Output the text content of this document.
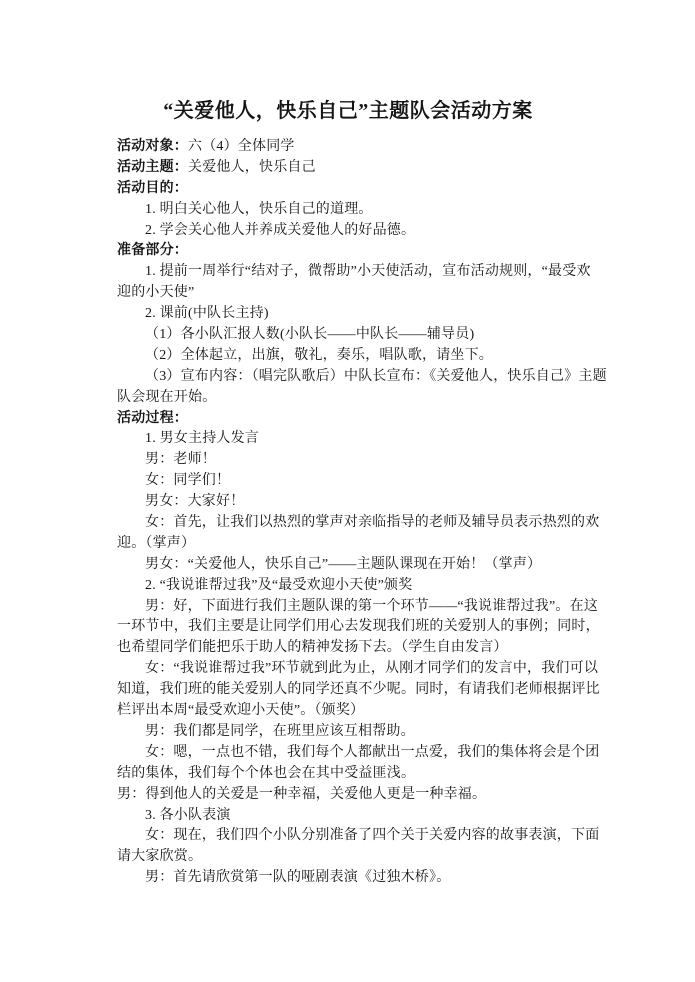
“关爱他人，快乐自己”主题队会活动方案
活动对象：六（4）全体同学
活动主题：关爱他人，快乐自己
活动目的：
1. 明白关心他人，快乐自己的道理。
2. 学会关心他人并养成关爱他人的好品德。
准备部分：
1. 提前一周举行“结对子，微帮助”小天使活动，宣布活动规则，“最受欢
迎的小天使”
2. 课前(中队长主持)
（1）各小队汇报人数(小队长——中队长——辅导员)
（2）全体起立，出旗，敬礼，奏乐，唱队歌，请坐下。
（3）宣布内容：（唱完队歌后）中队长宣布：《关爱他人，快乐自己》主题
队会现在开始。
活动过程：
1. 男女主持人发言
男：老师！
女：同学们！
男女：大家好！
女：首先，让我们以热烈的掌声对亲临指导的老师及辅导员表示热烈的欢
迎。（掌声）
男女：“关爱他人，快乐自己”——主题队课现在开始！（掌声）
2. “我说谁帮过我”及“最受欢迎小天使”颁奖
男：好，下面进行我们主题队课的第一个环节——“我说谁帮过我”。在这
一环节中，我们主要是让同学们用心去发现我们班的关爱别人的事例；同时，
也希望同学们能把乐于助人的精神发扬下去。（学生自由发言）
女：“我说谁帮过我”环节就到此为止，从刚才同学们的发言中，我们可以
知道，我们班的能关爱别人的同学还真不少呢。同时，有请我们老师根据评比
栏评出本周“最受欢迎小天使”。（颁奖）
男：我们都是同学，在班里应该互相帮助。
女：嗯，一点也不错，我们每个人都献出一点爱，我们的集体将会是个团
结的集体，我们每个个体也会在其中受益匪浅。
男：得到他人的关爱是一种幸福，关爱他人更是一种幸福。
3. 各小队表演
女：现在，我们四个小队分别准备了四个关于关爱内容的故事表演，下面
请大家欣赏。
男：首先请欣赏第一队的哑剧表演《过独木桥》。
